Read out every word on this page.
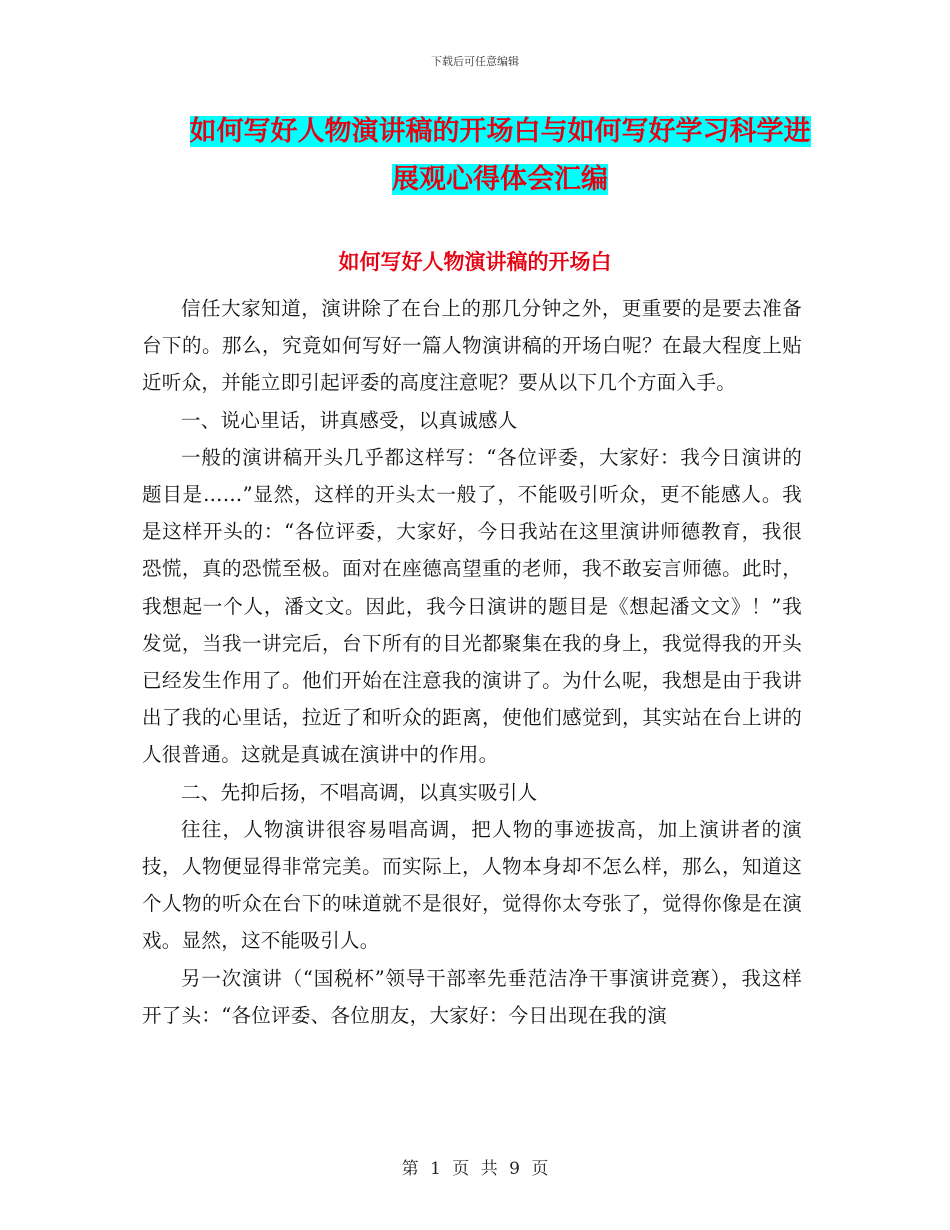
下载后可任意编辑
如何写好人物演讲稿的开场白与如何写好学习科学进
展观心得体会汇编
如何写好人物演讲稿的开场白

信任大家知道，演讲除了在台上的那几分钟之外，更重要的是要去准备台下的。那么，究竟如何写好一篇人物演讲稿的开场白呢？在最大程度上贴近听众，并能立即引起评委的高度注意呢？要从以下几个方面入手。

一、说心里话，讲真感受，以真诚感人

一般的演讲稿开头几乎都这样写：“各位评委，大家好：我今日演讲的题目是……”显然，这样的开头太一般了，不能吸引听众，更不能感人。我是这样开头的：“各位评委，大家好，今日我站在这里演讲师德教育，我很恐慌，真的恐慌至极。面对在座德高望重的老师，我不敢妄言师德。此时，我想起一个人，潘文文。因此，我今日演讲的题目是《想起潘文文》！”我发觉，当我一讲完后，台下所有的目光都聚集在我的身上，我觉得我的开头已经发生作用了。他们开始在注意我的演讲了。为什么呢，我想是由于我讲出了我的心里话，拉近了和听众的距离，使他们感觉到，其实站在台上讲的人很普通。这就是真诚在演讲中的作用。

二、先抑后扬，不唱高调，以真实吸引人

往往，人物演讲很容易唱高调，把人物的事迹拔高，加上演讲者的演技，人物便显得非常完美。而实际上，人物本身却不怎么样，那么，知道这个人物的听众在台下的味道就不是很好，觉得你太夸张了，觉得你像是在演戏。显然，这不能吸引人。

另一次演讲（“国税杯”领导干部率先垂范洁净干事演讲竞赛），我这样开了头：“各位评委、各位朋友，大家好：今日出现在我的演

第 1 页 共 9 页
